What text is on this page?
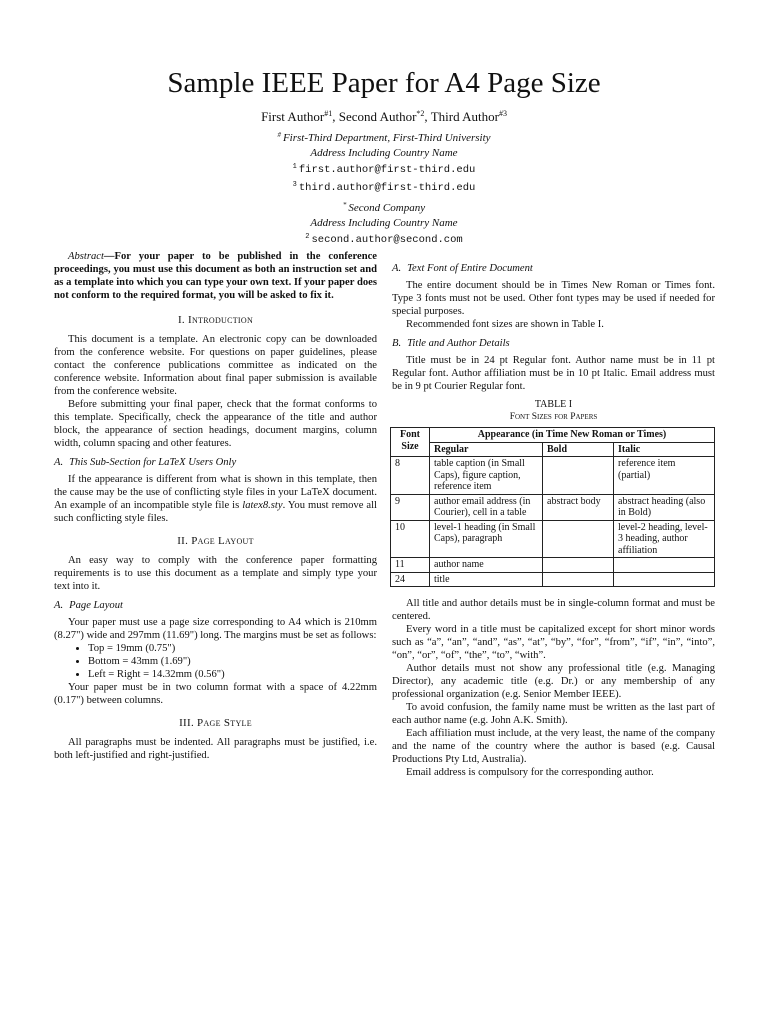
Sample IEEE Paper for A4 Page Size
First Author$^{\#1}$, Second Author$^{*2}$, Third Author$^{\#3}$
# First-Third Department, First-Third University
Address Including Country Name
$^1$ first.author@first-third.edu
$^3$ third.author@first-third.edu
* Second Company
Address Including Country Name
$^2$ second.author@second.com

Abstract—For your paper to be published in the conference proceedings, you must use this document as both an instruction set and as a template into which you can type your own text. If your paper does not conform to the required format, you will be asked to fix it.

I. Introduction

This document is a template. An electronic copy can be downloaded from the conference website. For questions on paper guidelines, please contact the conference publications committee as indicated on the conference website. Information about final paper submission is available from the conference website.

Before submitting your final paper, check that the format conforms to this template. Specifically, check the appearance of the title and author block, the appearance of section headings, document margins, column width, column spacing and other features.

A. This Sub-Section for LaTeX Users Only

If the appearance is different from what is shown in this template, then the cause may be the use of conflicting style files in your LaTeX document. An example of an incompatible style file is latex8.sty. You must remove all such conflicting style files.

II. Page Layout

An easy way to comply with the conference paper formatting requirements is to use this document as a template and simply type your text into it.

A. Page Layout

Your paper must use a page size corresponding to A4 which is 210mm (8.27") wide and 297mm (11.69") long. The margins must be set as follows:

• Top = 19mm (0.75")
• Bottom = 43mm (1.69")
• Left = Right = 14.32mm (0.56")

Your paper must be in two column format with a space of 4.22mm (0.17") between columns.

III. Page Style

All paragraphs must be indented. All paragraphs must be justified, i.e. both left-justified and right-justified.

A. Text Font of Entire Document

The entire document should be in Times New Roman or Times font. Type 3 fonts must not be used. Other font types may be used if needed for special purposes.

Recommended font sizes are shown in Table I.

B. Title and Author Details

Title must be in 24 pt Regular font. Author name must be in 11 pt Regular font. Author affiliation must be in 10 pt Italic. Email address must be in 9 pt Courier Regular font.

TABLE I
Font Sizes for Papers
Font Size	Appearance (in Time New Roman or Times)		
	Regular	Bold	Italic
8	table caption (in Small Caps), figure caption, reference item		reference item (partial)
9	author email address (in Courier), cell in a table	abstract body	abstract heading (also in Bold)
10	level-1 heading (in Small Caps), paragraph		level-2 heading, level-3 heading, author affiliation
11	author name		
24	title		

All title and author details must be in single-column format and must be centered.

Every word in a title must be capitalized except for short minor words such as “a”, “an”, “and”, “as”, “at”, “by”, “for”, “from”, “if”, “in”, “into”, “on”, “or”, “of”, “the”, “to”, “with”.

Author details must not show any professional title (e.g. Managing Director), any academic title (e.g. Dr.) or any membership of any professional organization (e.g. Senior Member IEEE).

To avoid confusion, the family name must be written as the last part of each author name (e.g. John A.K. Smith).

Each affiliation must include, at the very least, the name of the company and the name of the country where the author is based (e.g. Causal Productions Pty Ltd, Australia).

Email address is compulsory for the corresponding author.
